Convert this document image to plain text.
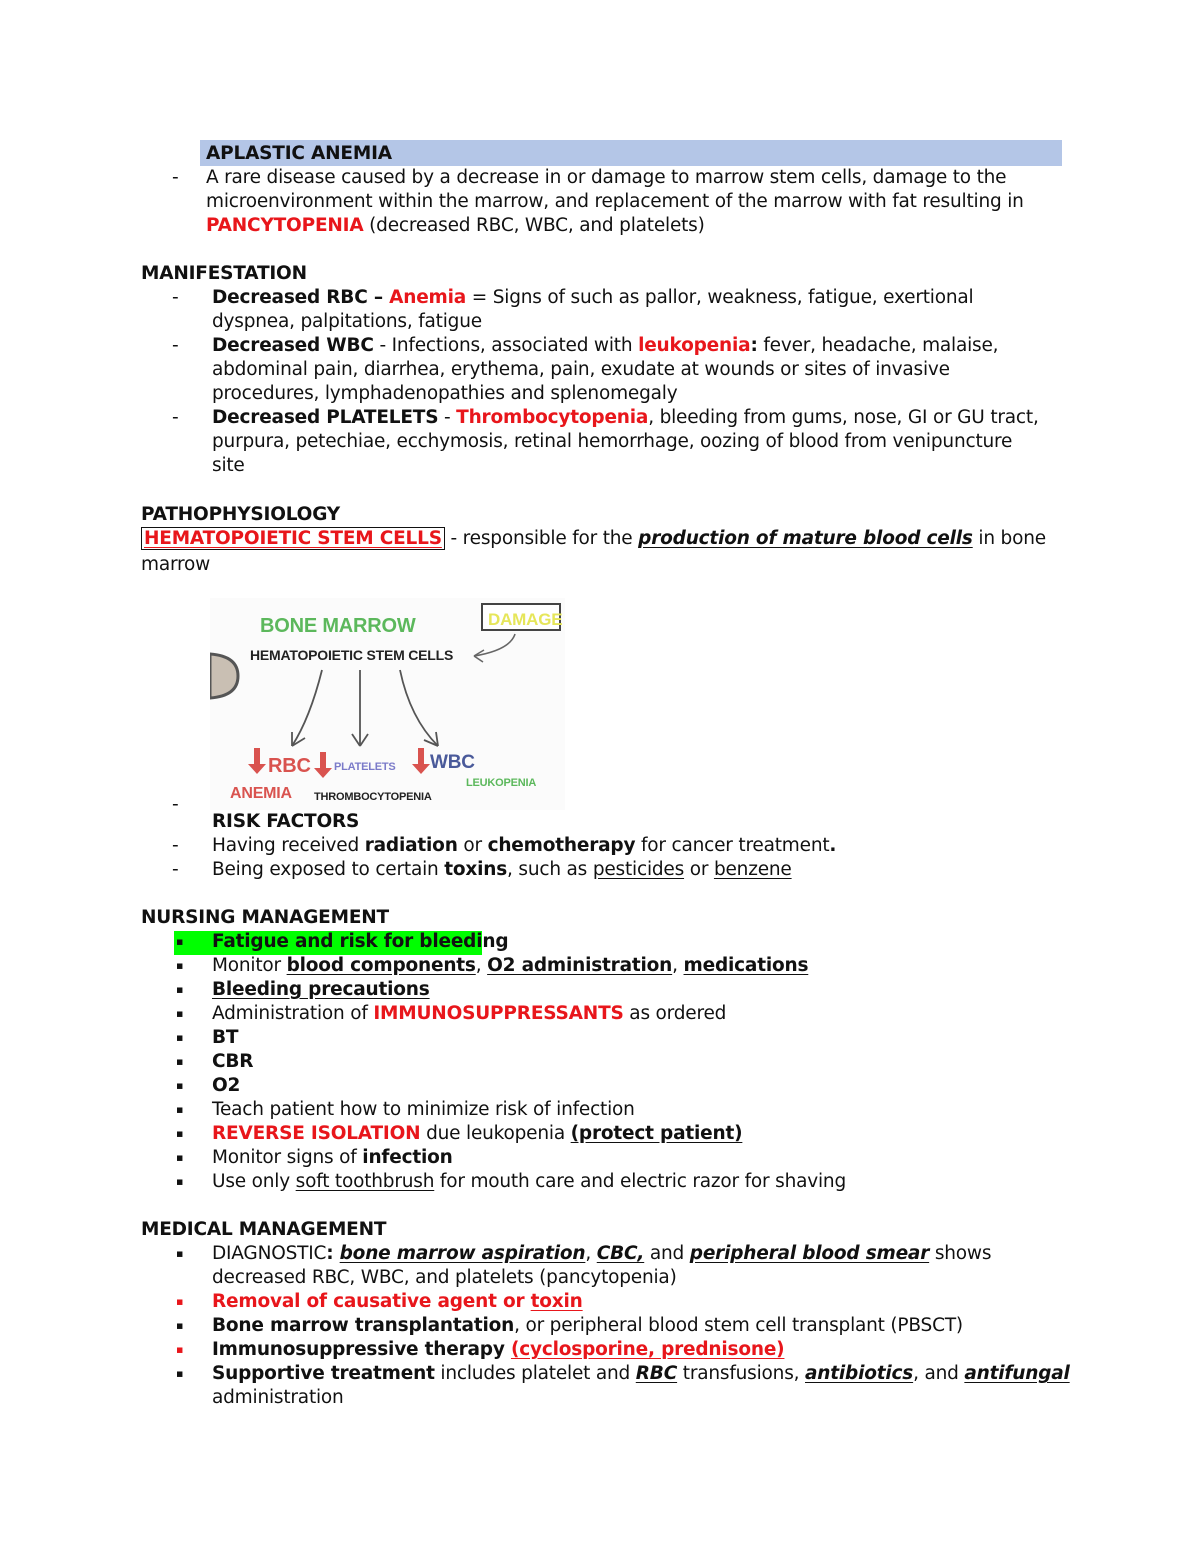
APLASTIC ANEMIA
- A rare disease caused by a decrease in or damage to marrow stem cells, damage to the
microenvironment within the marrow, and replacement of the marrow with fat resulting in
PANCYTOPENIA (decreased RBC, WBC, and platelets)
MANIFESTATION
- Decreased RBC – Anemia = Signs of such as pallor, weakness, fatigue, exertional
dyspnea, palpitations, fatigue
- Decreased WBC - Infections, associated with leukopenia: fever, headache, malaise,
abdominal pain, diarrhea, erythema, pain, exudate at wounds or sites of invasive
procedures, lymphadenopathies and splenomegaly
- Decreased PLATELETS - Thrombocytopenia, bleeding from gums, nose, GI or GU tract,
purpura, petechiae, ecchymosis, retinal hemorrhage, oozing of blood from venipuncture
site
PATHOPHYSIOLOGY
HEMATOPOIETIC STEM CELLS - responsible for the production of mature blood cells in bone
marrow
BONE MARROW	DAMAGE
HEMATOPOIETIC STEM CELLS
RBC PLATELETS WBC
ANEMIA THROMBOCYTOPENIA
LEUKOPENIA
-
RISK FACTORS
- Having received radiation or chemotherapy for cancer treatment.
- Being exposed to certain toxins, such as pesticides or benzene
NURSING MANAGEMENT
▪ Fatigue and risk for bleeding
▪ Monitor blood components, O2 administration, medications
▪ Bleeding precautions
▪ Administration of IMMUNOSUPPRESSANTS as ordered
▪ BT
▪ CBR
▪ O2
▪ Teach patient how to minimize risk of infection
▪ REVERSE ISOLATION due leukopenia (protect patient)
▪ Monitor signs of infection
▪ Use only soft toothbrush for mouth care and electric razor for shaving
MEDICAL MANAGEMENT
▪ DIAGNOSTIC: bone marrow aspiration, CBC, and peripheral blood smear shows
decreased RBC, WBC, and platelets (pancytopenia)
▪ Removal of causative agent or toxin
▪ Bone marrow transplantation, or peripheral blood stem cell transplant (PBSCT)
▪ Immunosuppressive therapy (cyclosporine, prednisone)
▪ Supportive treatment includes platelet and RBC transfusions, antibiotics, and antifungal
administration
